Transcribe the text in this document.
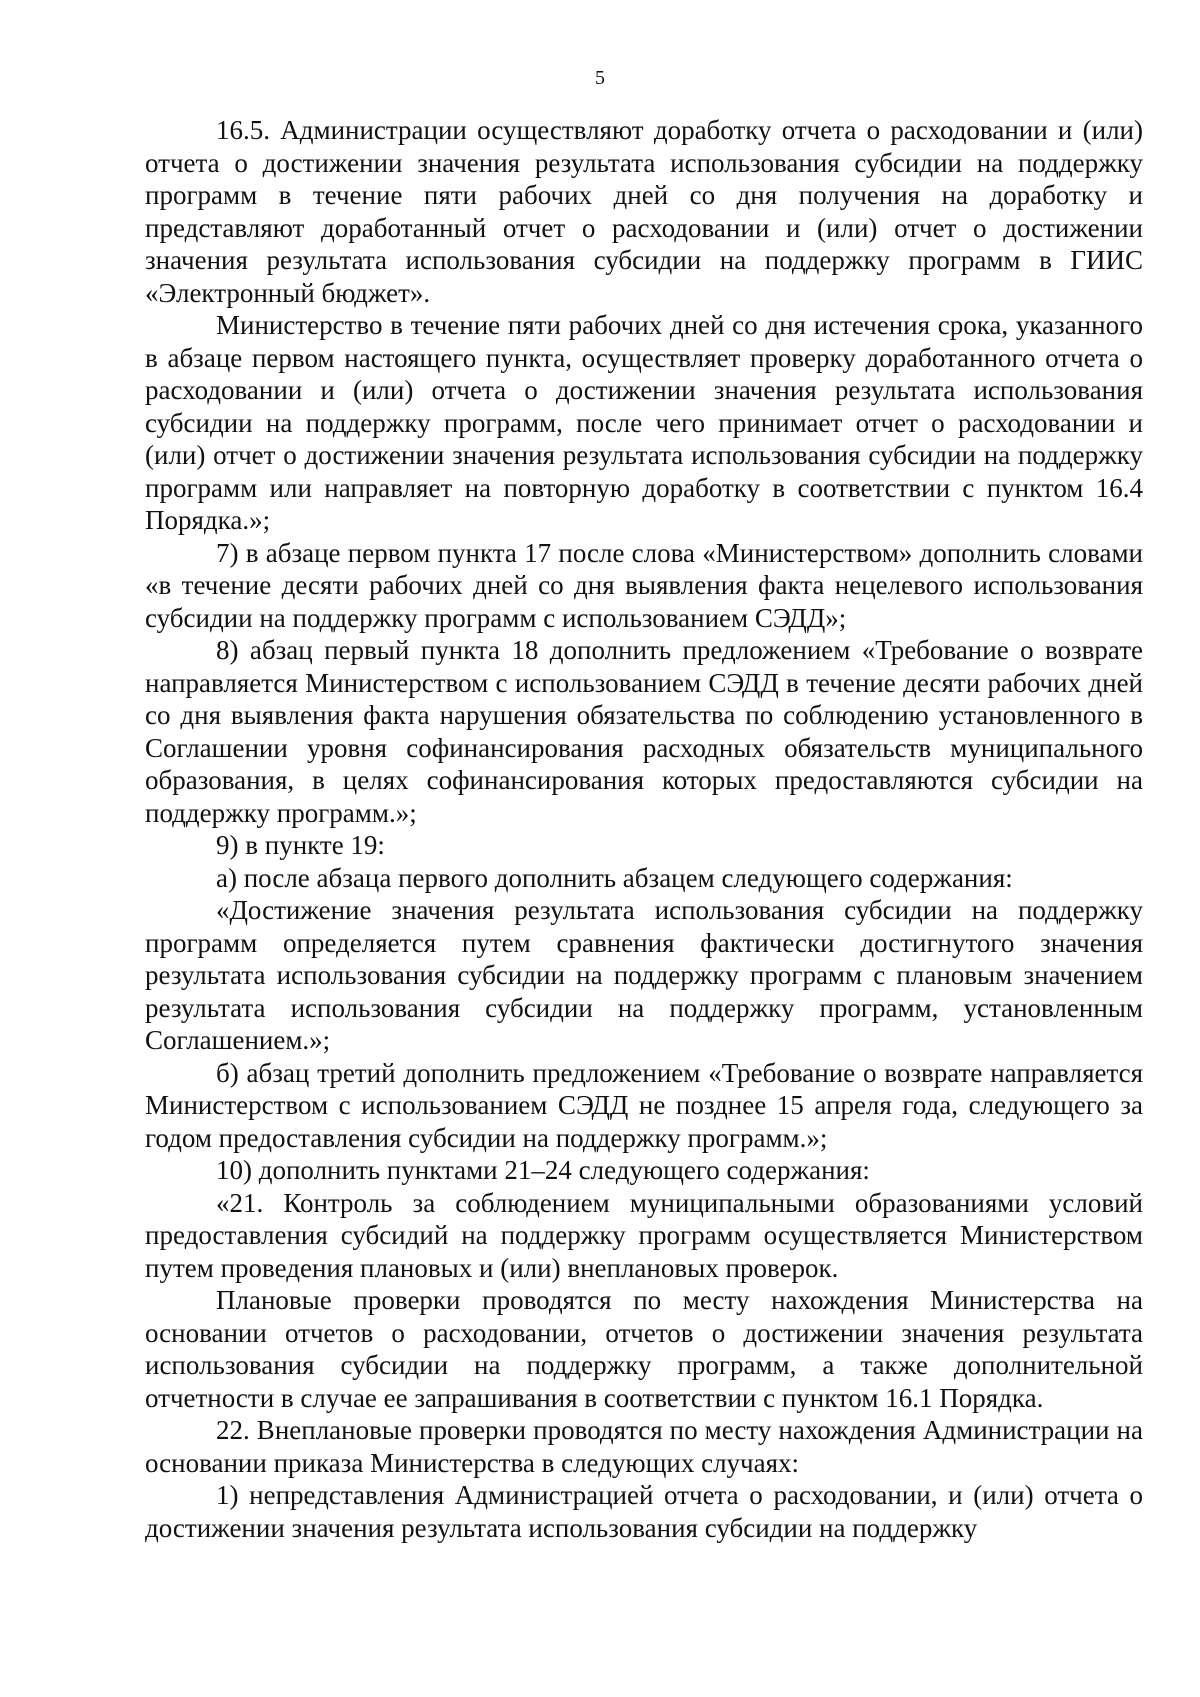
5

16.5. Администрации осуществляют доработку отчета о расходовании и (или) отчета о достижении значения результата использования субсидии на поддержку программ в течение пяти рабочих дней со дня получения на доработку и представляют доработанный отчет о расходовании и (или) отчет о достижении значения результата использования субсидии на поддержку программ в ГИИС «Электронный бюджет».

Министерство в течение пяти рабочих дней со дня истечения срока, указанного в абзаце первом настоящего пункта, осуществляет проверку доработанного отчета о расходовании и (или) отчета о достижении значения результата использования субсидии на поддержку программ, после чего принимает отчет о расходовании и (или) отчет о достижении значения результата использования субсидии на поддержку программ или направляет на повторную доработку в соответствии с пунктом 16.4 Порядка.»;

7) в абзаце первом пункта 17 после слова «Министерством» дополнить словами «в течение десяти рабочих дней со дня выявления факта нецелевого использования субсидии на поддержку программ с использованием СЭДД»;

8) абзац первый пункта 18 дополнить предложением «Требование о возврате направляется Министерством с использованием СЭДД в течение десяти рабочих дней со дня выявления факта нарушения обязательства по соблюдению установленного в Соглашении уровня софинансирования расходных обязательств муниципального образования, в целях софинансирования которых предоставляются субсидии на поддержку программ.»;

9) в пункте 19:

а) после абзаца первого дополнить абзацем следующего содержания:

«Достижение значения результата использования субсидии на поддержку программ определяется путем сравнения фактически достигнутого значения результата использования субсидии на поддержку программ с плановым значением результата использования субсидии на поддержку программ, установленным Соглашением.»;

б) абзац третий дополнить предложением «Требование о возврате направляется Министерством с использованием СЭДД не позднее 15 апреля года, следующего за годом предоставления субсидии на поддержку программ.»;

10) дополнить пунктами 21–24 следующего содержания:

«21. Контроль за соблюдением муниципальными образованиями условий предоставления субсидий на поддержку программ осуществляется Министерством путем проведения плановых и (или) внеплановых проверок.

Плановые проверки проводятся по месту нахождения Министерства на основании отчетов о расходовании, отчетов о достижении значения результата использования субсидии на поддержку программ, а также дополнительной отчетности в случае ее запрашивания в соответствии с пунктом 16.1 Порядка.

22. Внеплановые проверки проводятся по месту нахождения Администрации на основании приказа Министерства в следующих случаях:

1) непредставления Администрацией отчета о расходовании, и (или) отчета о достижении значения результата использования субсидии на поддержку
